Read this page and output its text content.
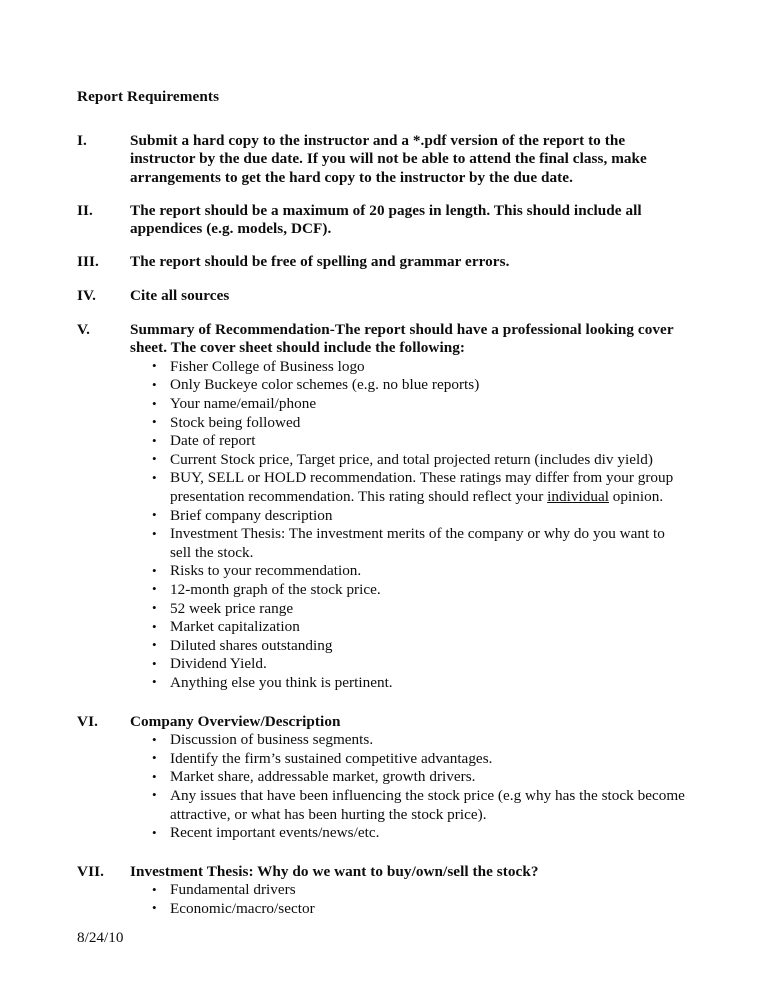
Report Requirements
I.	Submit a hard copy to the instructor and a *.pdf version of the report to the instructor by the due date. If you will not be able to attend the final class, make arrangements to get the hard copy to the instructor by the due date.

II.	The report should be a maximum of 20 pages in length. This should include all appendices (e.g. models, DCF).

III.	The report should be free of spelling and grammar errors.

IV.	Cite all sources

V.	Summary of Recommendation-The report should have a professional looking cover sheet. The cover sheet should include the following:

• Fisher College of Business logo
• Only Buckeye color schemes (e.g. no blue reports)
• Your name/email/phone
• Stock being followed
• Date of report
• Current Stock price, Target price, and total projected return (includes div yield)
• BUY, SELL or HOLD recommendation. These ratings may differ from your group presentation recommendation. This rating should reflect your individual opinion.
• Brief company description
• Investment Thesis: The investment merits of the company or why do you want to sell the stock.
• Risks to your recommendation.
• 12-month graph of the stock price.
• 52 week price range
• Market capitalization
• Diluted shares outstanding
• Dividend Yield.
• Anything else you think is pertinent.
VI.	Company Overview/Description

• Discussion of business segments.
• Identify the firm’s sustained competitive advantages.
• Market share, addressable market, growth drivers.
• Any issues that have been influencing the stock price (e.g why has the stock become attractive, or what has been hurting the stock price).
• Recent important events/news/etc.
VII.	Investment Thesis: Why do we want to buy/own/sell the stock?

• Fundamental drivers
• Economic/macro/sector
8/24/10
